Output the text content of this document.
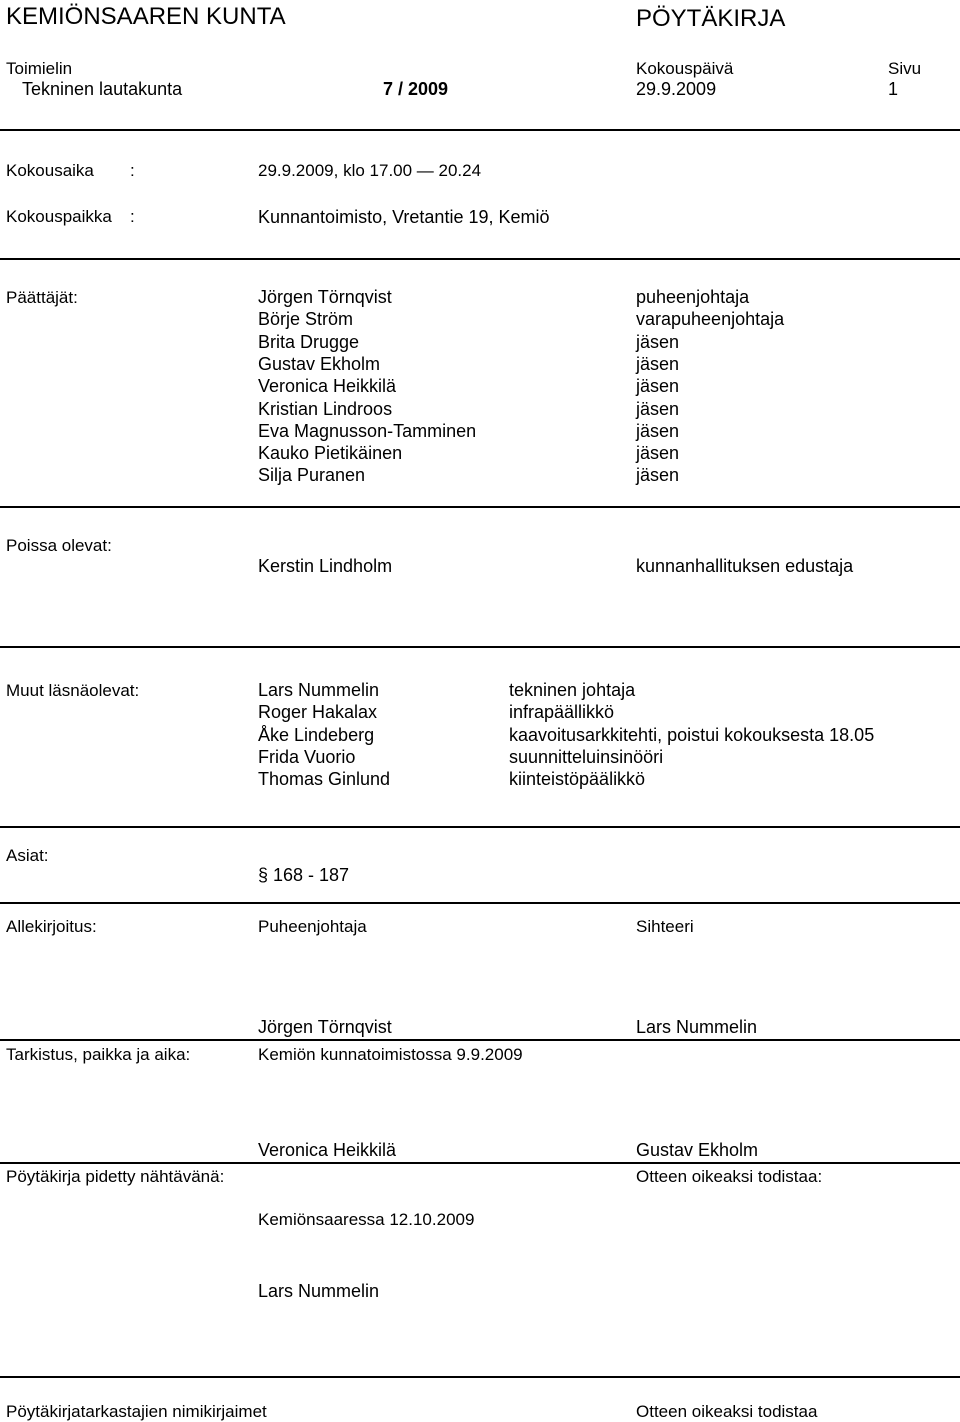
KEMIÖNSAAREN KUNTA	PÖYTÄKIRJA
Toimielin	Kokouspäivä	Sivu
Tekninen lautakunta	7 / 2009	29.9.2009	1
Kokousaika :	29.9.2009, klo 17.00 — 20.24
Kokouspaikka :	Kunnantoimisto, Vretantie 19, Kemiö
Päättäjät:	Jörgen Törnqvist	puheenjohtaja
Börje Ström	varapuheenjohtaja
Brita Drugge	jäsen
Gustav Ekholm	jäsen
Veronica Heikkilä	jäsen
Kristian Lindroos	jäsen
Eva Magnusson-Tamminen	jäsen
Kauko Pietikäinen	jäsen
Silja Puranen	jäsen
Poissa olevat:
Kerstin Lindholm	kunnanhallituksen edustaja
Muut läsnäolevat:	Lars Nummelin	tekninen johtaja
Roger Hakalax	infrapäällikkö
Åke Lindeberg	kaavoitusarkkitehti, poistui kokouksesta 18.05
Frida Vuorio	suunnitteluinsinööri
Thomas Ginlund	kiinteistöpäälikkö
Asiat:
§ 168 - 187
Allekirjoitus:	Puheenjohtaja	Sihteeri
Jörgen Törnqvist	Lars Nummelin
Tarkistus, paikka ja aika:	Kemiön kunnatoimistossa 9.9.2009
Veronica Heikkilä	Gustav Ekholm
Pöytäkirja pidetty nähtävänä:	Otteen oikeaksi todistaa:
Kemiönsaaressa 12.10.2009
Lars Nummelin
Pöytäkirjatarkastajien nimikirjaimet	Otteen oikeaksi todistaa
